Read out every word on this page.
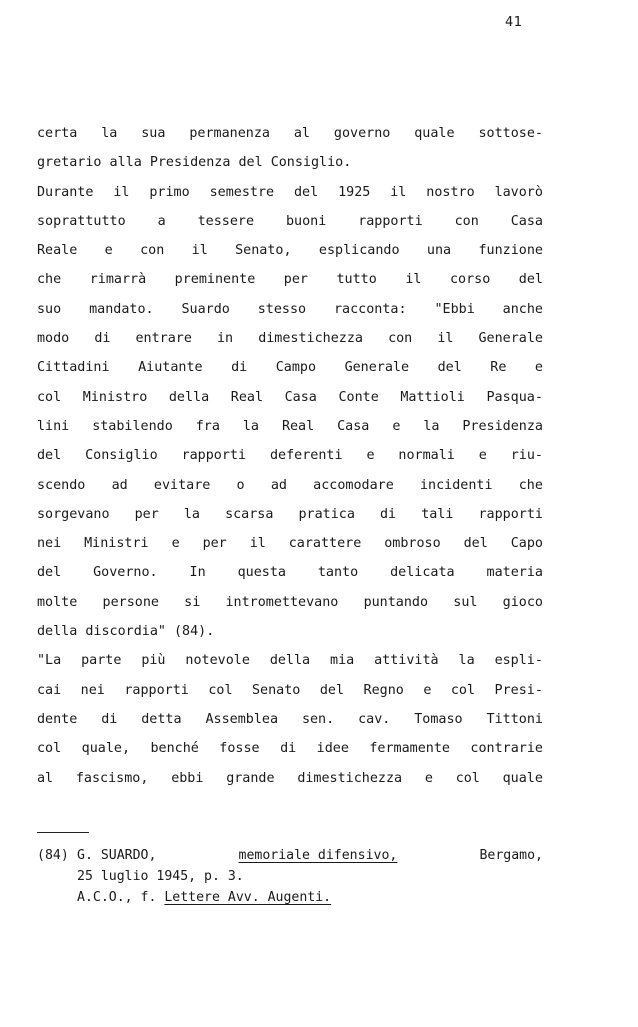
41
certa la sua permanenza al governo quale sottose-
gretario alla Presidenza del Consiglio.
Durante il primo semestre del 1925 il nostro lavorò
soprattutto a tessere buoni rapporti con Casa
Reale e con il Senato, esplicando una funzione
che rimarrà preminente per tutto il corso del
suo mandato. Suardo stesso racconta: "Ebbi anche
modo di entrare in dimestichezza con il Generale
Cittadini Aiutante di Campo Generale del Re e
col Ministro della Real Casa Conte Mattioli Pasqua-
lini stabilendo fra la Real Casa e la Presidenza
del Consiglio rapporti deferenti e normali e riu-
scendo ad evitare o ad accomodare incidenti che
sorgevano per la scarsa pratica di tali rapporti
nei Ministri e per il carattere ombroso del Capo
del Governo. In questa tanto delicata materia
molte persone si intromettevano puntando sul gioco
della discordia" (84).
"La parte più notevole della mia attività la espli-
cai nei rapporti col Senato del Regno e col Presi-
dente di detta Assemblea sen. cav. Tomaso Tittoni
col quale, benché fosse di idee fermamente contrarie
al fascismo, ebbi grande dimestichezza e col quale
(84) G. SUARDO,	memoriale difensivo,	Bergamo,
25 luglio 1945, p. 3.
A.C.O., f. Lettere Avv. Augenti.
